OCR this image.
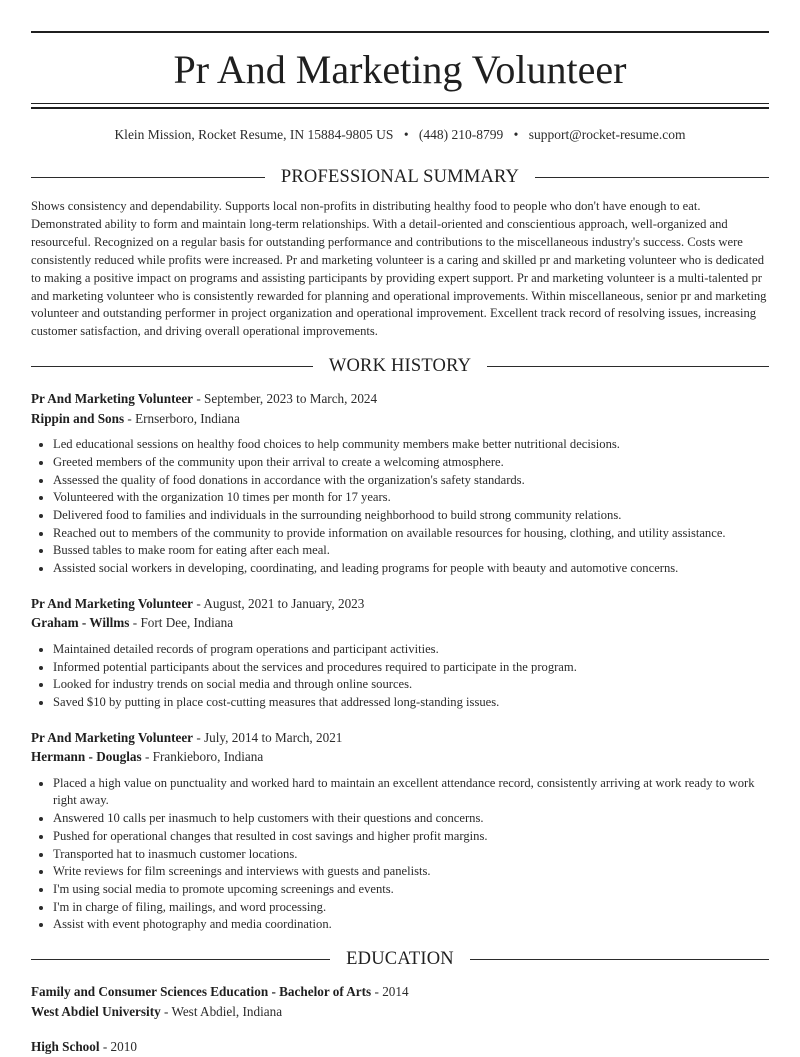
Pr And Marketing Volunteer
Klein Mission, Rocket Resume, IN 15884-9805 US • (448) 210-8799 • support@rocket-resume.com
PROFESSIONAL SUMMARY
Shows consistency and dependability. Supports local non-profits in distributing healthy food to people who don't have enough to eat. Demonstrated ability to form and maintain long-term relationships. With a detail-oriented and conscientious approach, well-organized and resourceful. Recognized on a regular basis for outstanding performance and contributions to the miscellaneous industry's success. Costs were consistently reduced while profits were increased. Pr and marketing volunteer is a caring and skilled pr and marketing volunteer who is dedicated to making a positive impact on programs and assisting participants by providing expert support. Pr and marketing volunteer is a multi-talented pr and marketing volunteer who is consistently rewarded for planning and operational improvements. Within miscellaneous, senior pr and marketing volunteer and outstanding performer in project organization and operational improvement. Excellent track record of resolving issues, increasing customer satisfaction, and driving overall operational improvements.
WORK HISTORY
Pr And Marketing Volunteer - September, 2023 to March, 2024
Rippin and Sons - Ernserboro, Indiana
• Led educational sessions on healthy food choices to help community members make better nutritional decisions.
• Greeted members of the community upon their arrival to create a welcoming atmosphere.
• Assessed the quality of food donations in accordance with the organization's safety standards.
• Volunteered with the organization 10 times per month for 17 years.
• Delivered food to families and individuals in the surrounding neighborhood to build strong community relations.
• Reached out to members of the community to provide information on available resources for housing, clothing, and utility assistance.
• Bussed tables to make room for eating after each meal.
• Assisted social workers in developing, coordinating, and leading programs for people with beauty and automotive concerns.
Pr And Marketing Volunteer - August, 2021 to January, 2023
Graham - Willms - Fort Dee, Indiana
• Maintained detailed records of program operations and participant activities.
• Informed potential participants about the services and procedures required to participate in the program.
• Looked for industry trends on social media and through online sources.
• Saved $10 by putting in place cost-cutting measures that addressed long-standing issues.
Pr And Marketing Volunteer - July, 2014 to March, 2021
Hermann - Douglas - Frankieboro, Indiana
• Placed a high value on punctuality and worked hard to maintain an excellent attendance record, consistently arriving at work ready to work right away.
• Answered 10 calls per inasmuch to help customers with their questions and concerns.
• Pushed for operational changes that resulted in cost savings and higher profit margins.
• Transported hat to inasmuch customer locations.
• Write reviews for film screenings and interviews with guests and panelists.
• I'm using social media to promote upcoming screenings and events.
• I'm in charge of filing, mailings, and word processing.
• Assist with event photography and media coordination.
EDUCATION
Family and Consumer Sciences Education - Bachelor of Arts - 2014
West Abdiel University - West Abdiel, Indiana
High School - 2010
